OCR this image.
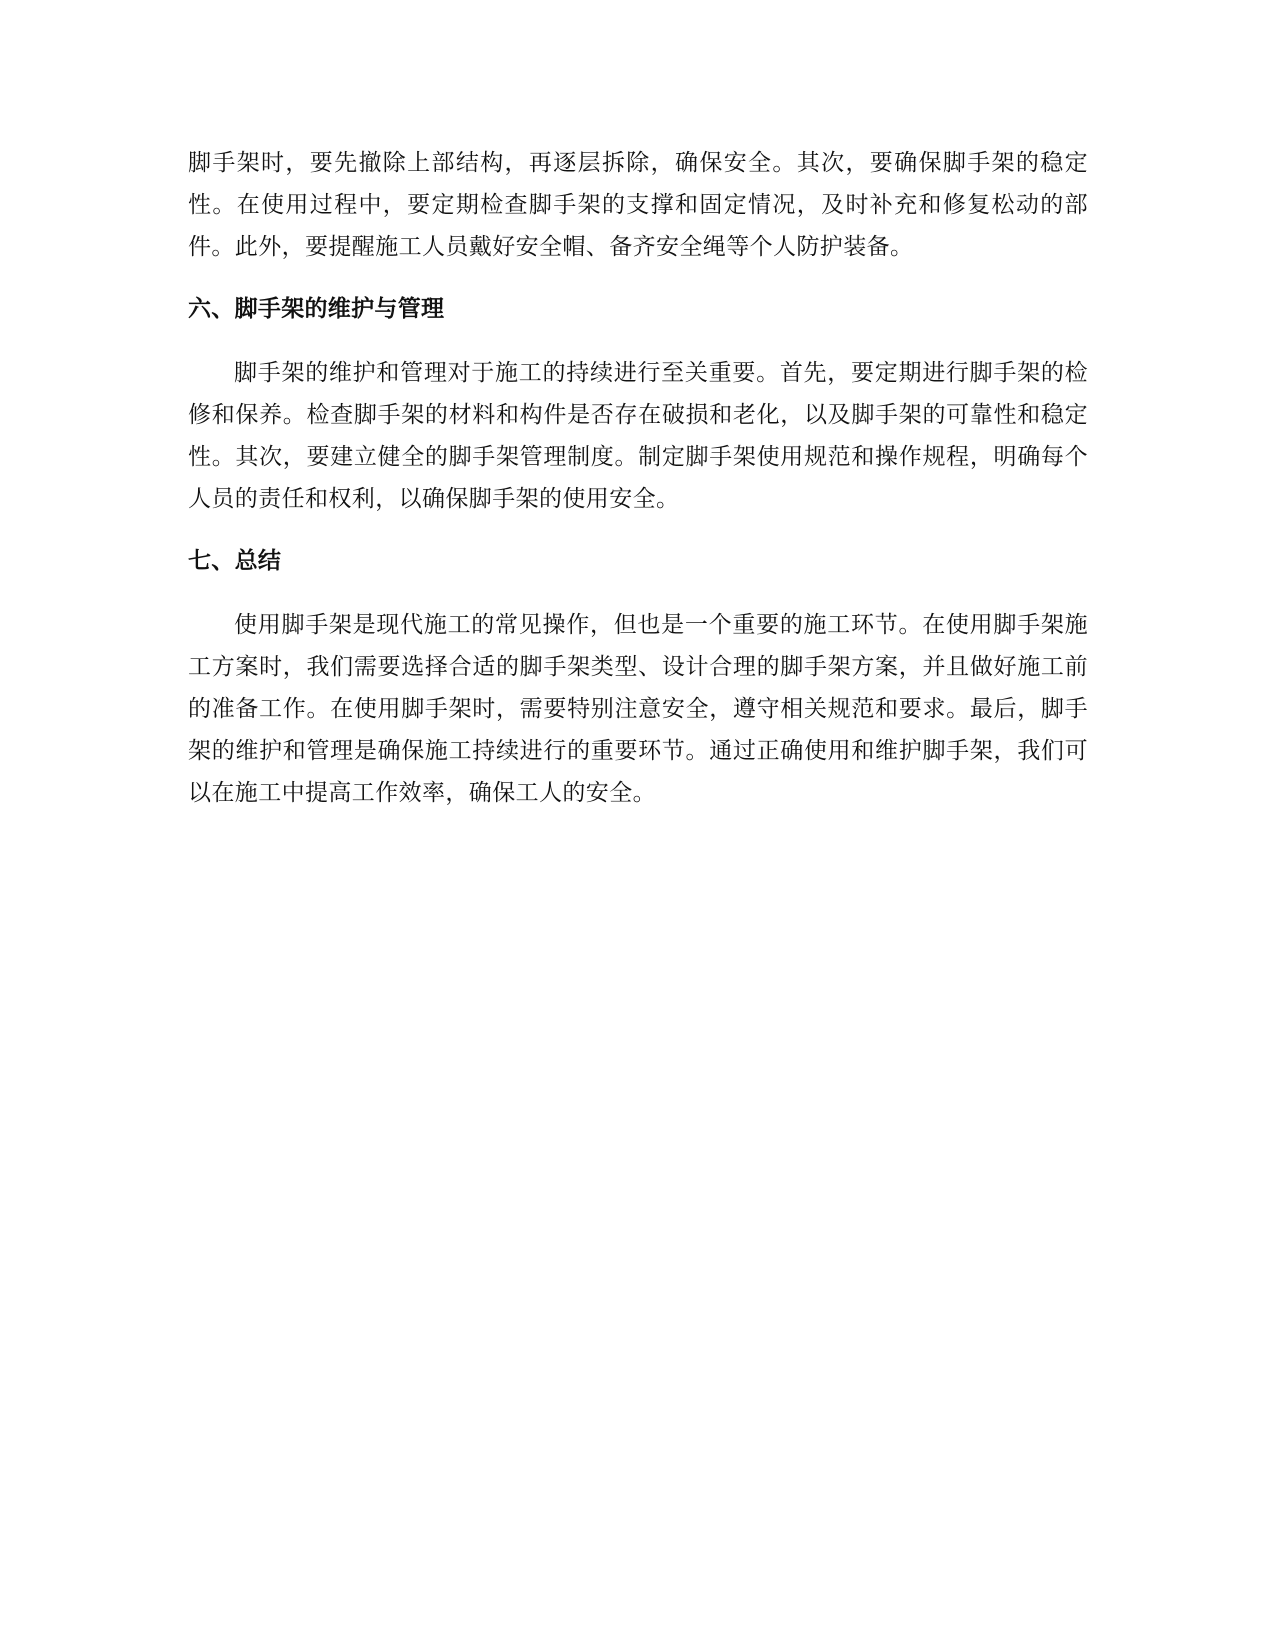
脚手架时，要先撤除上部结构，再逐层拆除，确保安全。其次，要确保脚手架的稳定性。在使用过程中，要定期检查脚手架的支撑和固定情况，及时补充和修复松动的部件。此外，要提醒施工人员戴好安全帽、备齐安全绳等个人防护装备。

六、脚手架的维护与管理

脚手架的维护和管理对于施工的持续进行至关重要。首先，要定期进行脚手架的检修和保养。检查脚手架的材料和构件是否存在破损和老化，以及脚手架的可靠性和稳定性。其次，要建立健全的脚手架管理制度。制定脚手架使用规范和操作规程，明确每个人员的责任和权利，以确保脚手架的使用安全。

七、总结

使用脚手架是现代施工的常见操作，但也是一个重要的施工环节。在使用脚手架施工方案时，我们需要选择合适的脚手架类型、设计合理的脚手架方案，并且做好施工前的准备工作。在使用脚手架时，需要特别注意安全，遵守相关规范和要求。最后，脚手架的维护和管理是确保施工持续进行的重要环节。通过正确使用和维护脚手架，我们可以在施工中提高工作效率，确保工人的安全。
